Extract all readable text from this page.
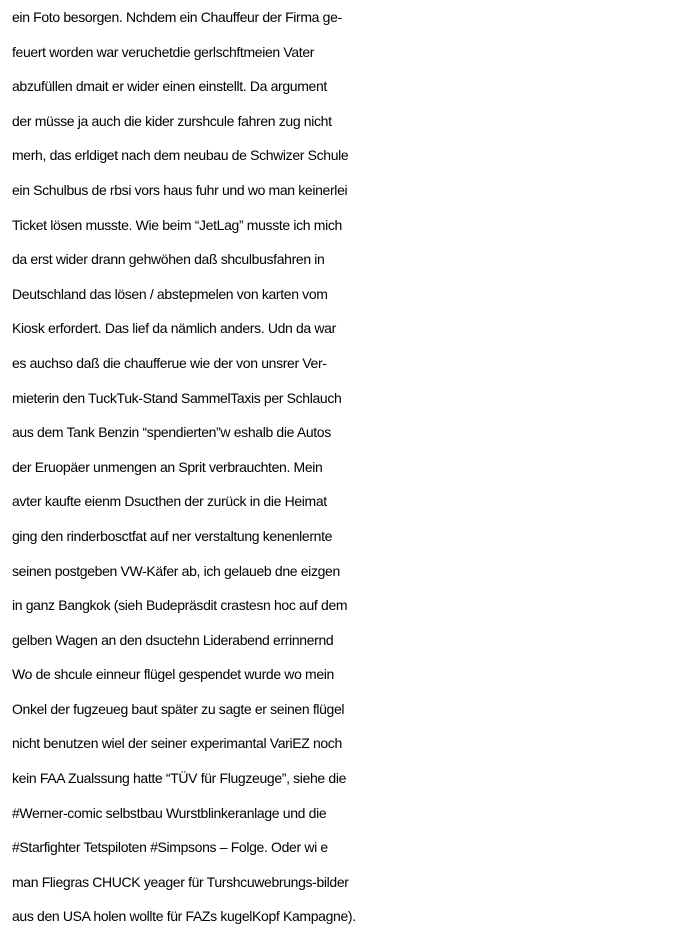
ein Foto besorgen. Nchdem ein Chauffeur der Firma ge-
feuert worden war veruchetdie gerlschftmeien Vater
abzufüllen dmait er wider einen einstellt. Da argument
der müsse ja auch die kider zurshcule fahren zug nicht
merh, das erldiget nach dem neubau de Schwizer Schule
ein Schulbus de rbsi vors haus fuhr und wo man keinerlei
Ticket lösen musste. Wie beim “JetLag” musste ich mich
da erst wider drann gehwöhen daß shculbusfahren in
Deutschland das lösen / abstepmelen von karten vom
Kiosk erfordert. Das lief da nämlich anders. Udn da war
es auchso daß die chaufferue wie der von unsrer Ver-
mieterin den TuckTuk-Stand SammelTaxis per Schlauch
aus dem Tank Benzin “spendierten”w eshalb die Autos
der Eruopäer unmengen an Sprit verbrauchten. Mein
avter kaufte eienm Dsucthen der zurück in die Heimat
ging den rinderbosctfat auf ner verstaltung kenenlernte
seinen postgeben VW-Käfer ab, ich gelaueb dne eizgen
in ganz Bangkok (sieh Budepräsdit crastesn hoc auf dem
gelben Wagen an den dsuctehn Liderabend errinnernd
Wo de shcule einneur flügel gespendet wurde wo mein
Onkel der fugzeueg baut später zu sagte er seinen flügel
nicht benutzen wiel der seiner experimantal VariEZ noch
kein FAA Zualssung hatte “TÜV für Flugzeuge”, siehe die
#Werner-comic selbstbau Wurstblinkeranlage und die
#Starfighter Tetspiloten #Simpsons – Folge. Oder wi e
man Fliegras CHUCK yeager für Turshcuwebrungs-bilder
aus den USA holen wollte für FAZs kugelKopf Kampagne).
